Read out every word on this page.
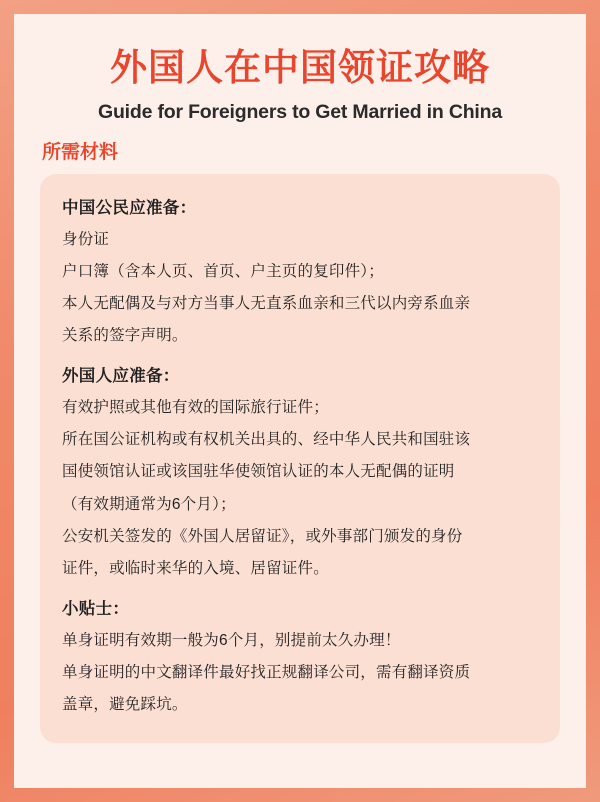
外国人在中国领证攻略
Guide for Foreigners to Get Married in China
所需材料
中国公民应准备：

身份证

户口簿（含本人页、首页、户主页的复印件）；

本人无配偶及与对方当事人无直系血亲和三代以内旁系血亲

关系的签字声明。

外国人应准备：

有效护照或其他有效的国际旅行证件；

所在国公证机构或有权机关出具的、经中华人民共和国驻该

国使领馆认证或该国驻华使领馆认证的本人无配偶的证明

（有效期通常为6个月）；

公安机关签发的《外国人居留证》，或外事部门颁发的身份

证件，或临时来华的入境、居留证件。

小贴士：

单身证明有效期一般为6个月，别提前太久办理！

单身证明的中文翻译件最好找正规翻译公司，需有翻译资质

盖章，避免踩坑。
